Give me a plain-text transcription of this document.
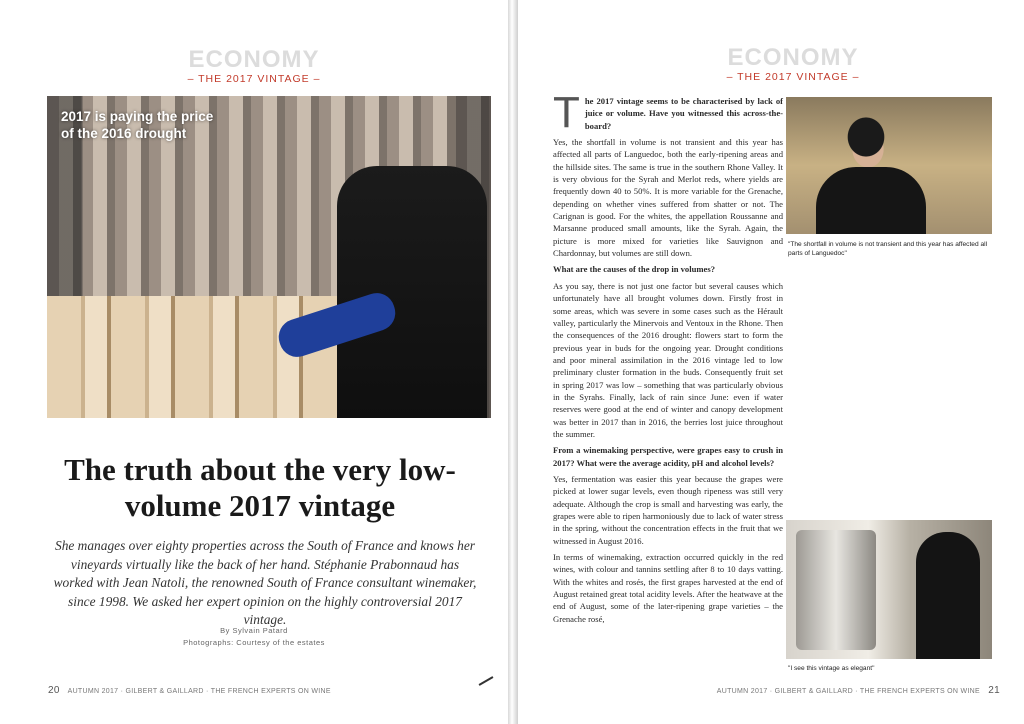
ECONOMY
– THE 2017 VINTAGE –
2017 is paying the price
of the 2016 drought
The truth about the very low-volume 2017 vintage
She manages over eighty properties across the South of France and knows her vineyards virtually like the back of her hand. Stéphanie Prabonnaud has worked with Jean Natoli, the renowned South of France consultant winemaker, since 1998. We asked her expert opinion on the highly controversial 2017 vintage.
By Sylvain Patard
Photographs: Courtesy of the estates
20 AUTUMN 2017 · GILBERT & GAILLARD · THE FRENCH EXPERTS ON WINE
ECONOMY
– THE 2017 VINTAGE –

The 2017 vintage seems to be characterised by lack of juice or volume. Have you witnessed this across-the-board?

Yes, the shortfall in volume is not transient and this year has affected all parts of Languedoc, both the early-ripening areas and the hillside sites. The same is true in the southern Rhone Valley. It is very obvious for the Syrah and Merlot reds, where yields are frequently down 40 to 50%. It is more variable for the Grenache, depending on whether vines suffered from shatter or not. The Carignan is good. For the whites, the appellation Roussanne and Marsanne produced small amounts, like the Syrah. Again, the picture is more mixed for varieties like Sauvignon and Chardonnay, but volumes are still down.

What are the causes of the drop in volumes?

As you say, there is not just one factor but several causes which unfortunately have all brought volumes down. Firstly frost in some areas, which was severe in some cases such as the Hérault valley, particularly the Minervois and Ventoux in the Rhone. Then the consequences of the 2016 drought: flowers start to form the previous year in buds for the ongoing year. Drought conditions and poor mineral assimilation in the 2016 vintage led to low preliminary cluster formation in the buds. Consequently fruit set in spring 2017 was low – something that was particularly obvious in the Syrahs. Finally, lack of rain since June: even if water reserves were good at the end of winter and canopy development was better in 2017 than in 2016, the berries lost juice throughout the summer.

From a winemaking perspective, were grapes easy to crush in 2017? What were the average acidity, pH and alcohol levels?

Yes, fermentation was easier this year because the grapes were picked at lower sugar levels, even though ripeness was still very adequate. Although the crop is small and harvesting was early, the grapes were able to ripen harmoniously due to lack of water stress in the spring, without the concentration effects in the fruit that we witnessed in August 2016.

In terms of winemaking, extraction occurred quickly in the red wines, with colour and tannins settling after 8 to 10 days vatting. With the whites and rosés, the first grapes harvested at the end of August retained great total acidity levels. After the heatwave at the end of August, some of the later-ripening grape varieties – the Grenache rosé,

"The shortfall in volume is not transient and this year has affected all parts of Languedoc"
"I see this vintage as elegant"
AUTUMN 2017 · GILBERT & GAILLARD · THE FRENCH EXPERTS ON WINE 21
